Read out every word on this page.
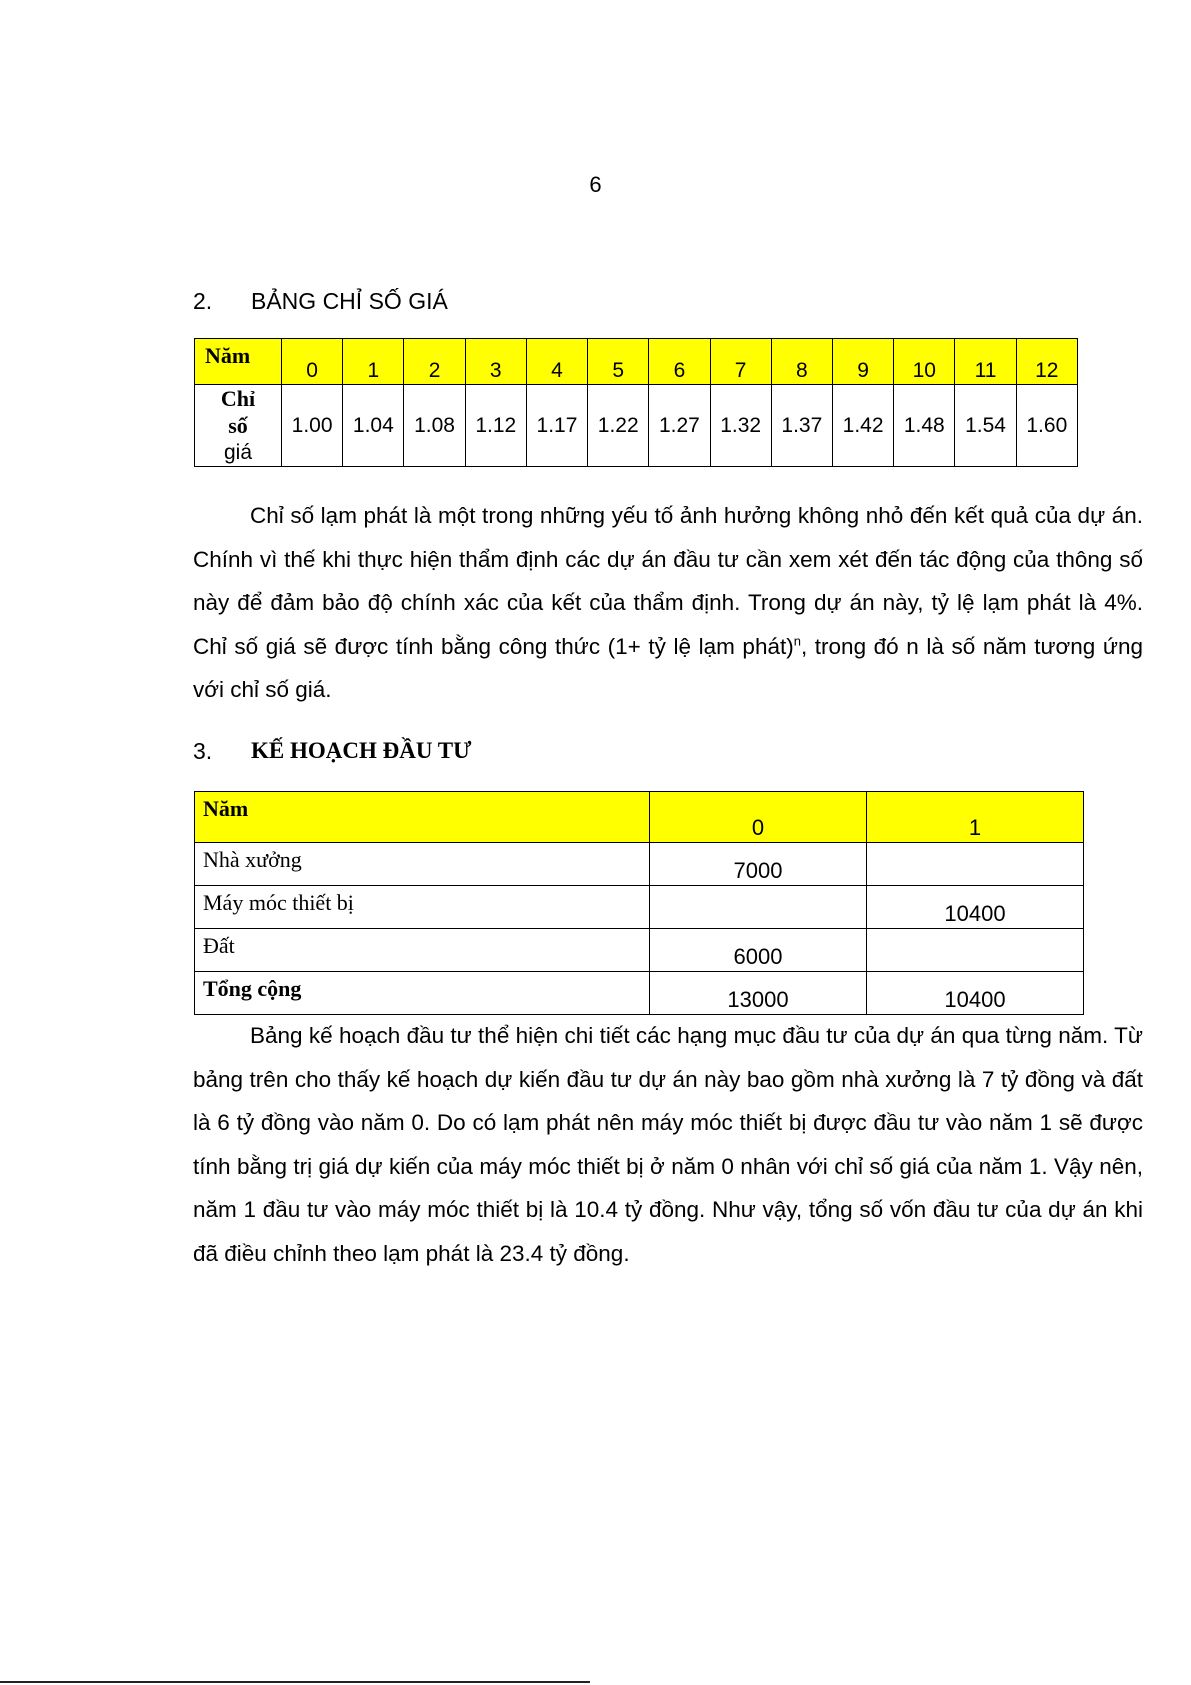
6
2.	BẢNG CHỈ SỐ GIÁ
Năm	0	1	2	3	4	5	6	7	8	9	10	11	12

Chỉ
số
giá	1.00	1.04	1.08	1.12	1.17	1.22	1.27	1.32	1.37	1.42	1.48	1.54	1.60

Chỉ số lạm phát là một trong những yếu tố ảnh hưởng không nhỏ đến kết quả của dự án. Chính vì thế khi thực hiện thẩm định các dự án đầu tư cần xem xét đến tác động của thông số này để đảm bảo độ chính xác của kết của thẩm định. Trong dự án này, tỷ lệ lạm phát là 4%. Chỉ số giá sẽ được tính bằng công thức (1+ tỷ lệ lạm phát)$^n$, trong đó n là số năm tương ứng với chỉ số giá.

3.	KẾ HOẠCH ĐẦU TƯ
Năm	0	1
Nhà xưởng	7000	
Máy móc thiết bị		10400
Đất	6000	
Tổng cộng	13000	10400

Bảng kế hoạch đầu tư thể hiện chi tiết các hạng mục đầu tư của dự án qua từng năm. Từ bảng trên cho thấy kế hoạch dự kiến đầu tư dự án này bao gồm nhà xưởng là 7 tỷ đồng và đất là 6 tỷ đồng vào năm 0. Do có lạm phát nên máy móc thiết bị được đầu tư vào năm 1 sẽ được tính bằng trị giá dự kiến của máy móc thiết bị ở năm 0 nhân với chỉ số giá của năm 1. Vậy nên, năm 1 đầu tư vào máy móc thiết bị là 10.4 tỷ đồng. Như vậy, tổng số vốn đầu tư của dự án khi đã điều chỉnh theo lạm phát là 23.4 tỷ đồng.
